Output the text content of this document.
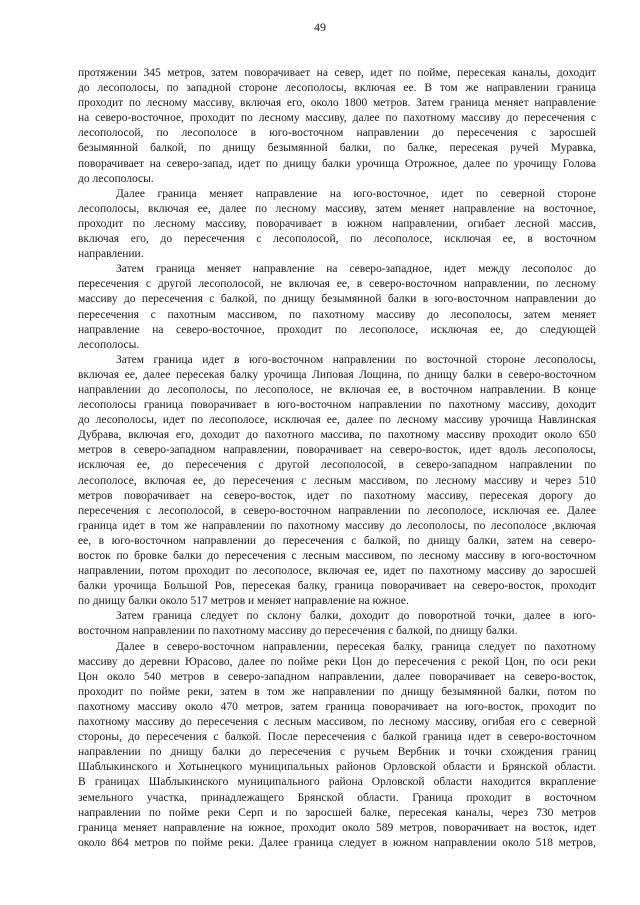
49
протяжении 345 метров, затем поворачивает на север, идет по пойме, пересекая каналы, доходит
до лесополосы, по западной стороне лесополосы, включая ее. В том же направлении граница
проходит по лесному массиву, включая его, около 1800 метров. Затем граница меняет направление
на северо-восточное, проходит по лесному массиву, далее по пахотному массиву до пересечения с
лесополосой, по лесополосе в юго-восточном направлении до пересечения с заросшей
безымянной балкой, по днищу безымянной балки, по балке, пересекая ручей Муравка,
поворачивает на северо-запад, идет по днищу балки урочища Отрожное, далее по урочищу Голова
до лесополосы.
Далее граница меняет направление на юго-восточное, идет по северной стороне
лесополосы, включая ее, далее по лесному массиву, затем меняет направление на восточное,
проходит по лесному массиву, поворачивает в южном направлении, огибает лесной массив,
включая его, до пересечения с лесополосой, по лесополосе, исключая ее, в восточном
направлении.
Затем граница меняет направление на северо-западное, идет между лесополос до
пересечения с другой лесополосой, не включая ее, в северо-восточном направлении, по лесному
массиву до пересечения с балкой, по днищу безымянной балки в юго-восточном направлении до
пересечения с пахотным массивом, по пахотному массиву до лесополосы, затем меняет
направление на северо-восточное, проходит по лесополосе, исключая ее, до следующей
лесополосы.
Затем граница идет в юго-восточном направлении по восточной стороне лесополосы,
включая ее, далее пересекая балку урочища Липовая Лощина, по днищу балки в северо-восточном
направлении до лесополосы, по лесополосе, не включая ее, в восточном направлении. В конце
лесополосы граница поворачивает в юго-восточном направлении по пахотному массиву, доходит
до лесополосы, идет по лесополосе, исключая ее, далее по лесному массиву урочища Навлинская
Дубрава, включая его, доходит до пахотного массива, по пахотному массиву проходит около 650
метров в северо-западном направлении, поворачивает на северо-восток, идет вдоль лесополосы,
исключая ее, до пересечения с другой лесополосой, в северо-западном направлении по
лесополосе, включая ее, до пересечения с лесным массивом, по лесному массиву и через 510
метров поворачивает на северо-восток, идет по пахотному массиву, пересекая дорогу до
пересечения с лесополосой, в северо-восточном направлении по лесополосе, исключая ее. Далее
граница идет в том же направлении по пахотному массиву до лесополосы, по лесополосе ,включая
ее, в юго-восточном направлении до пересечения с балкой, по днищу балки, затем на северо-
восток по бровке балки до пересечения с лесным массивом, по лесному массиву в юго-восточном
направлении, потом проходит по лесополосе, включая ее, идет по пахотному массиву до заросшей
балки урочища Большой Ров, пересекая балку, граница поворачивает на северо-восток, проходит
по днищу балки около 517 метров и меняет направление на южное.
Затем граница следует по склону балки, доходит до поворотной точки, далее в юго-
восточном направлении по пахотному массиву до пересечения с балкой, по днищу балки.
Далее в северо-восточном направлении, пересекая балку, граница следует по пахотному
массиву до деревни Юрасово, далее по пойме реки Цон до пересечения с рекой Цон, по оси реки
Цон около 540 метров в северо-западном направлении, далее поворачивает на северо-восток,
проходит по пойме реки, затем в том же направлении по днищу безымянной балки, потом по
пахотному массиву около 470 метров, затем граница поворачивает на юго-восток, проходит по
пахотному массиву до пересечения с лесным массивом, по лесному массиву, огибая его с северной
стороны, до пересечения с балкой. После пересечения с балкой граница идет в северо-восточном
направлении по днищу балки до пересечения с ручьем Вербник и точки схождения границ
Шаблыкинского и Хотынецкого муниципальных районов Орловской области и Брянской области.
В границах Шаблыкинского муниципального района Орловской области находится вкрапление
земельного участка, принадлежащего Брянской области. Граница проходит в восточном
направлении по пойме реки Серп и по заросшей балке, пересекая каналы, через 730 метров
граница меняет направление на южное, проходит около 589 метров, поворачивает на восток, идет
около 864 метров по пойме реки. Далее граница следует в южном направлении около 518 метров,
